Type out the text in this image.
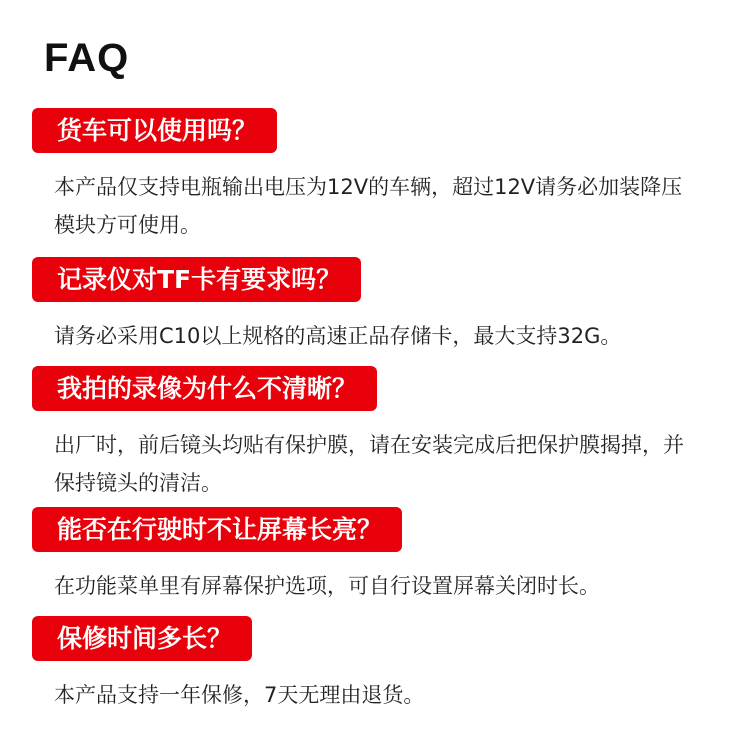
FAQ
货车可以使用吗？
本产品仅支持电瓶输出电压为12V的车辆，超过12V请务必加装降压模块方可使用。
记录仪对TF卡有要求吗？
请务必采用C10以上规格的高速正品存储卡，最大支持32G。
我拍的录像为什么不清晰？
出厂时，前后镜头均贴有保护膜，请在安装完成后把保护膜揭掉，并保持镜头的清洁。
能否在行驶时不让屏幕长亮？
在功能菜单里有屏幕保护选项，可自行设置屏幕关闭时长。
保修时间多长？
本产品支持一年保修，7天无理由退货。
